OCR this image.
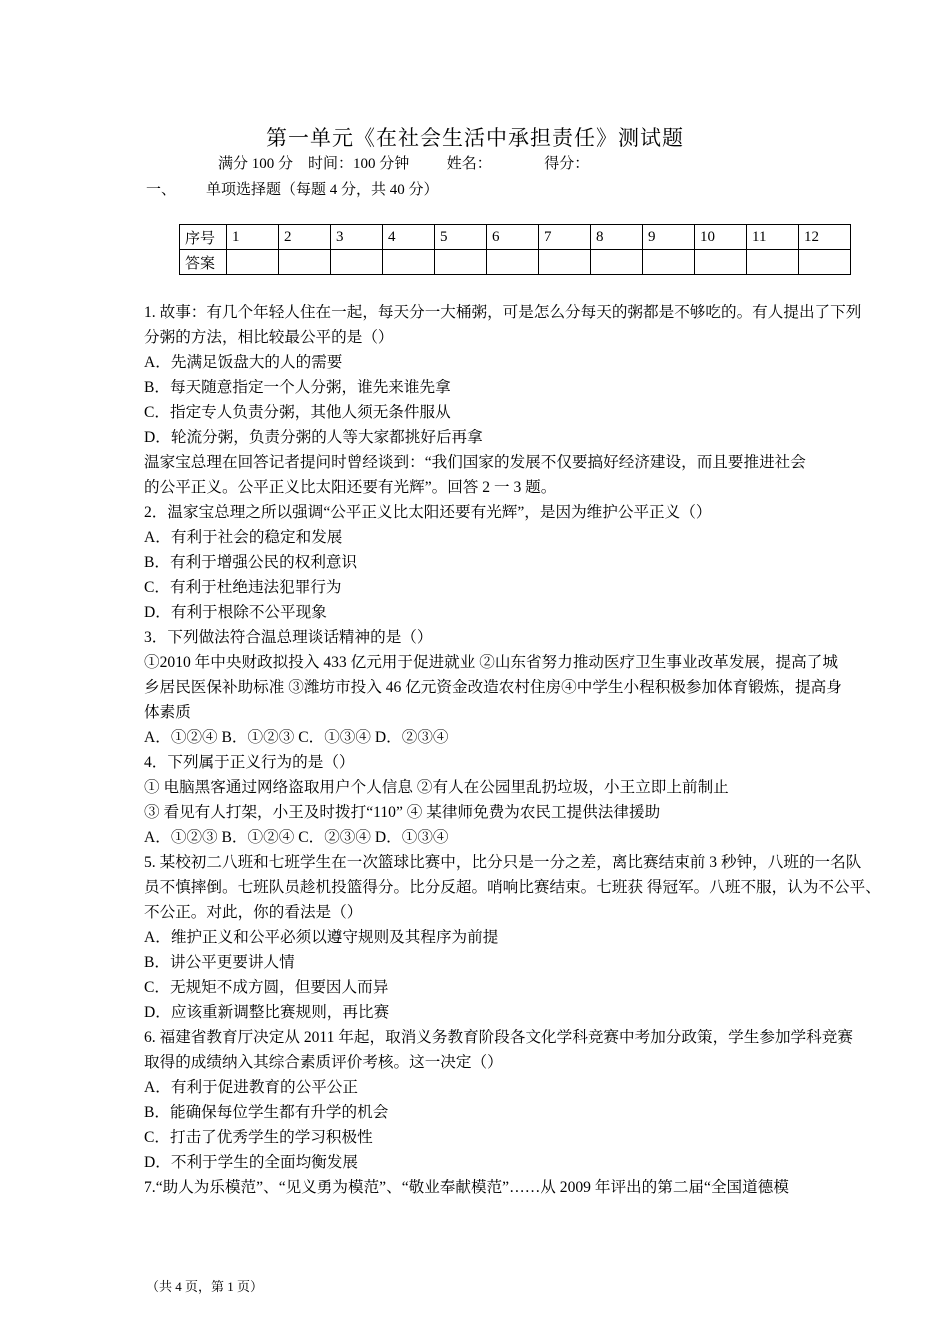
第一单元《在社会生活中承担责任》测试题
满分 100 分    时间：100 分钟          姓名：              得分：
一、        单项选择题（每题 4 分，共 40 分）
序号	1	2	3	4	5	6	7	8	9	10	11	12
答案												

1. 故事：有几个年轻人住在一起，每天分一大桶粥，可是怎么分每天的粥都是不够吃的。有人提出了下列

分粥的方法，相比较最公平的是（）

A．先满足饭盘大的人的需要

B．每天随意指定一个人分粥，谁先来谁先拿

C．指定专人负责分粥，其他人须无条件服从

D．轮流分粥，负责分粥的人等大家都挑好后再拿

温家宝总理在回答记者提问时曾经谈到：“我们国家的发展不仅要搞好经济建设，而且要推进社会

的公平正义。公平正义比太阳还要有光辉”。回答 2 一 3 题。

2．温家宝总理之所以强调“公平正义比太阳还要有光辉”，是因为维护公平正义（）

A．有利于社会的稳定和发展

B．有利于增强公民的权利意识

C．有利于杜绝违法犯罪行为

D．有利于根除不公平现象

3．下列做法符合温总理谈话精神的是（）

①2010 年中央财政拟投入 433 亿元用于促进就业 ②山东省努力推动医疗卫生事业改革发展，提高了城

乡居民医保补助标准 ③潍坊市投入 46 亿元资金改造农村住房④中学生小程积极参加体育锻炼，提高身

体素质

A．①②④ B．①②③ C．①③④ D．②③④

4．下列属于正义行为的是（）

① 电脑黑客通过网络盗取用户个人信息 ②有人在公园里乱扔垃圾，小王立即上前制止

③ 看见有人打架，小王及时拨打“110” ④ 某律师免费为农民工提供法律援助

A．①②③ B．①②④ C．②③④ D．①③④

5. 某校初二八班和七班学生在一次篮球比赛中，比分只是一分之差，离比赛结束前 3 秒钟，八班的一名队

员不慎摔倒。七班队员趁机投篮得分。比分反超。哨响比赛结束。七班获 得冠军。八班不服，认为不公平、

不公正。对此，你的看法是（）

A．维护正义和公平必须以遵守规则及其程序为前提

B．讲公平更要讲人情

C．无规矩不成方圆，但要因人而异

D．应该重新调整比赛规则，再比赛

6. 福建省教育厅决定从 2011 年起，取消义务教育阶段各文化学科竞赛中考加分政策，学生参加学科竞赛

取得的成绩纳入其综合素质评价考核。这一决定（）

A．有利于促进教育的公平公正

B．能确保每位学生都有升学的机会

C．打击了优秀学生的学习积极性

D．不利于学生的全面均衡发展

7.“助人为乐模范”、“见义勇为模范”、“敬业奉献模范”……从 2009 年评出的第二届“全国道德模

（共 4 页，第 1 页）
